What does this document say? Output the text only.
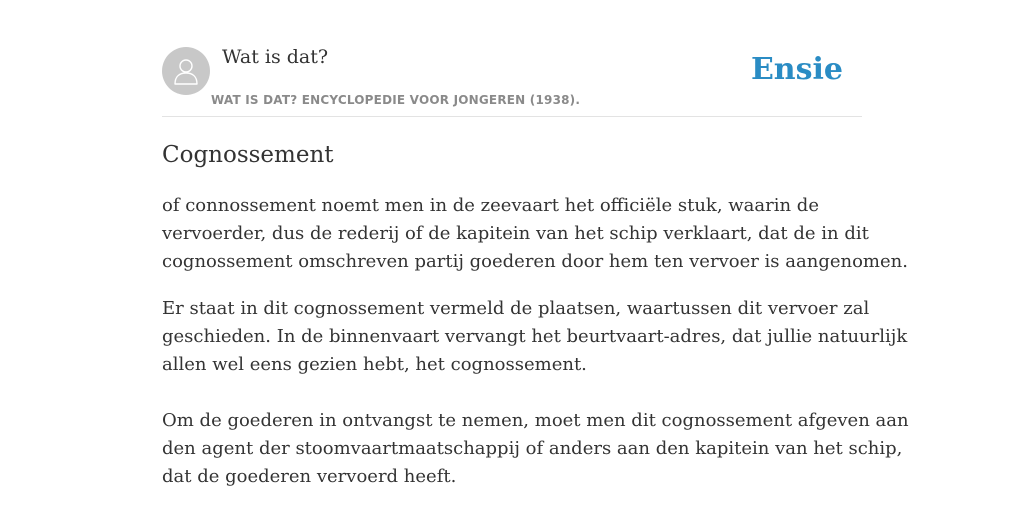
Wat is dat?
WAT IS DAT? ENCYCLOPEDIE VOOR JONGEREN (1938).
Ensie
Cognossement

of connossement noemt men in de zeevaart het officiële stuk, waarin de
vervoerder, dus de rederij of de kapitein van het schip verklaart, dat de in dit
cognossement omschreven partij goederen door hem ten vervoer is aangenomen.

Er staat in dit cognossement vermeld de plaatsen, waartussen dit vervoer zal
geschieden. In de binnenvaart vervangt het beurtvaart-adres, dat jullie natuurlijk
allen wel eens gezien hebt, het cognossement.

Om de goederen in ontvangst te nemen, moet men dit cognossement afgeven aan
den agent der stoomvaartmaatschappij of anders aan den kapitein van het schip,
dat de goederen vervoerd heeft.
